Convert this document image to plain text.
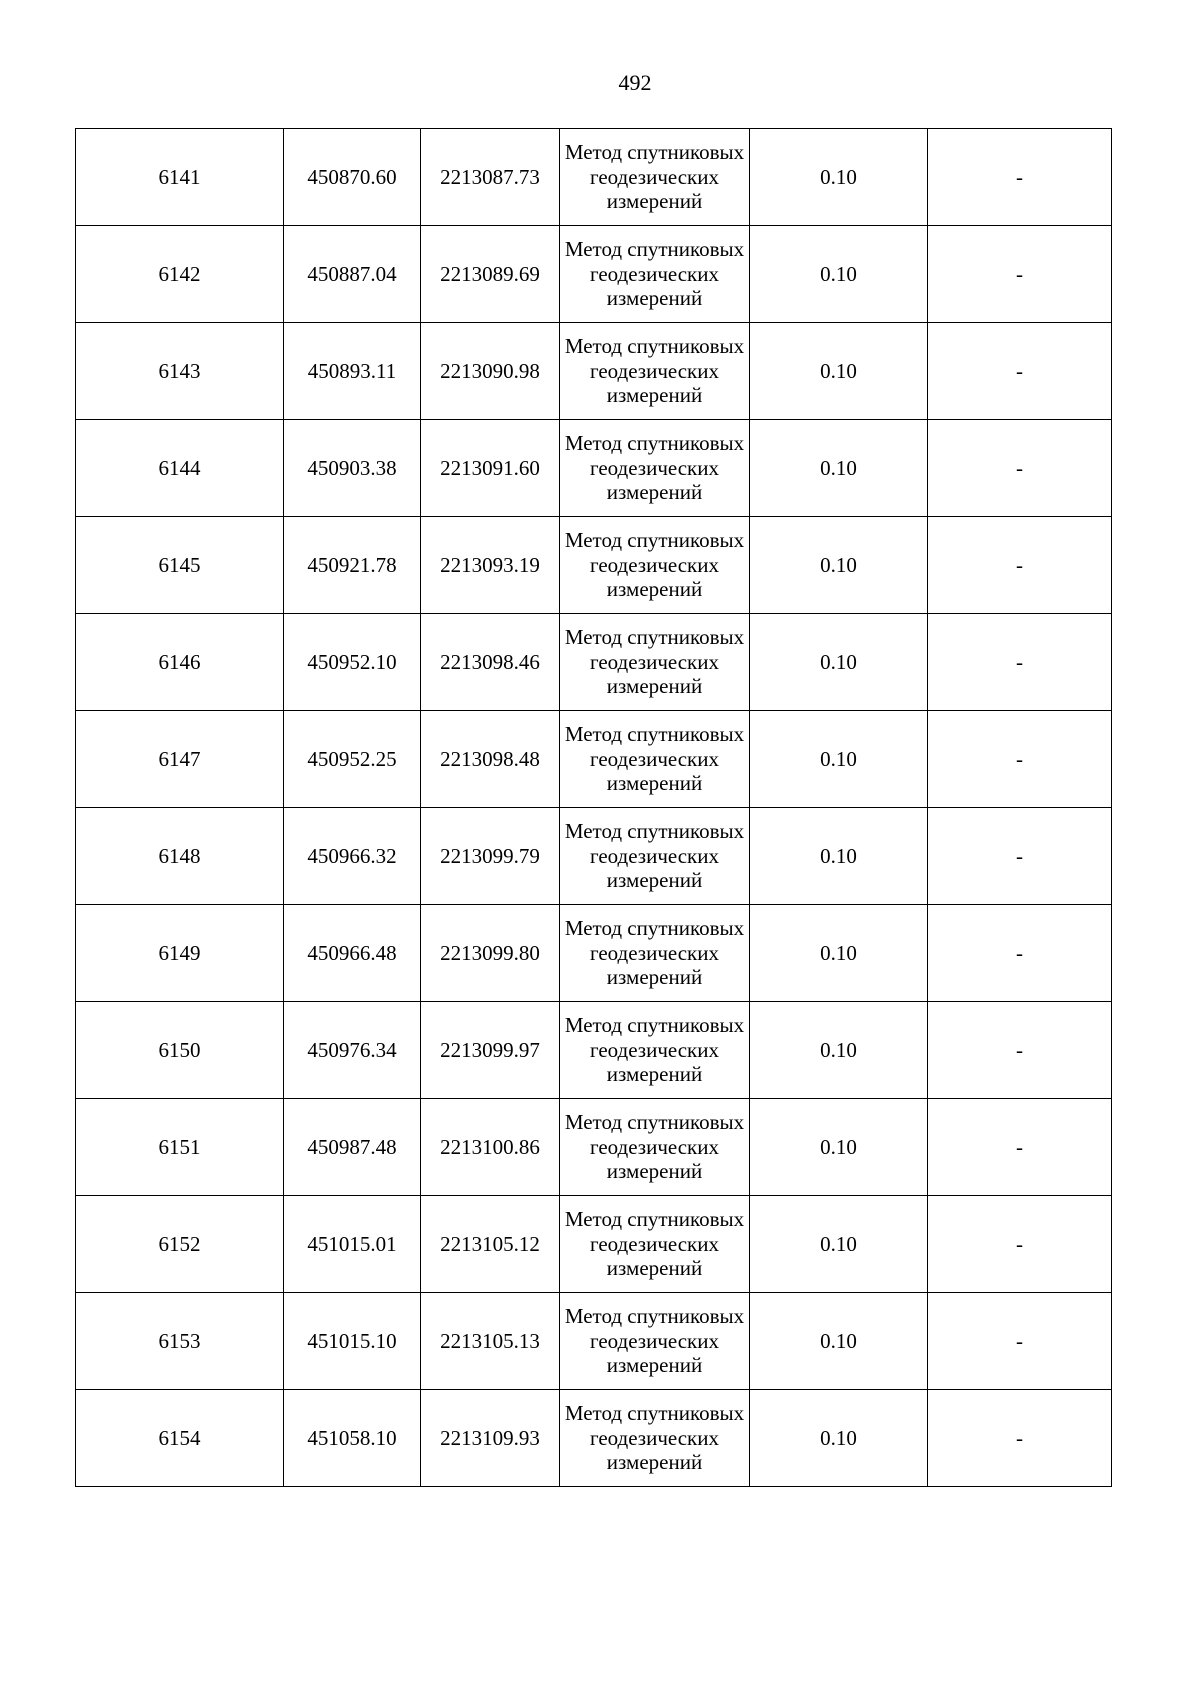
492
6141	450870.60	2213087.73	Метод спутниковых геодезических измерений	0.10	-
6142	450887.04	2213089.69	Метод спутниковых геодезических измерений	0.10	-
6143	450893.11	2213090.98	Метод спутниковых геодезических измерений	0.10	-
6144	450903.38	2213091.60	Метод спутниковых геодезических измерений	0.10	-
6145	450921.78	2213093.19	Метод спутниковых геодезических измерений	0.10	-
6146	450952.10	2213098.46	Метод спутниковых геодезических измерений	0.10	-
6147	450952.25	2213098.48	Метод спутниковых геодезических измерений	0.10	-
6148	450966.32	2213099.79	Метод спутниковых геодезических измерений	0.10	-
6149	450966.48	2213099.80	Метод спутниковых геодезических измерений	0.10	-
6150	450976.34	2213099.97	Метод спутниковых геодезических измерений	0.10	-
6151	450987.48	2213100.86	Метод спутниковых геодезических измерений	0.10	-
6152	451015.01	2213105.12	Метод спутниковых геодезических измерений	0.10	-
6153	451015.10	2213105.13	Метод спутниковых геодезических измерений	0.10	-
6154	451058.10	2213109.93	Метод спутниковых геодезических измерений	0.10	-
